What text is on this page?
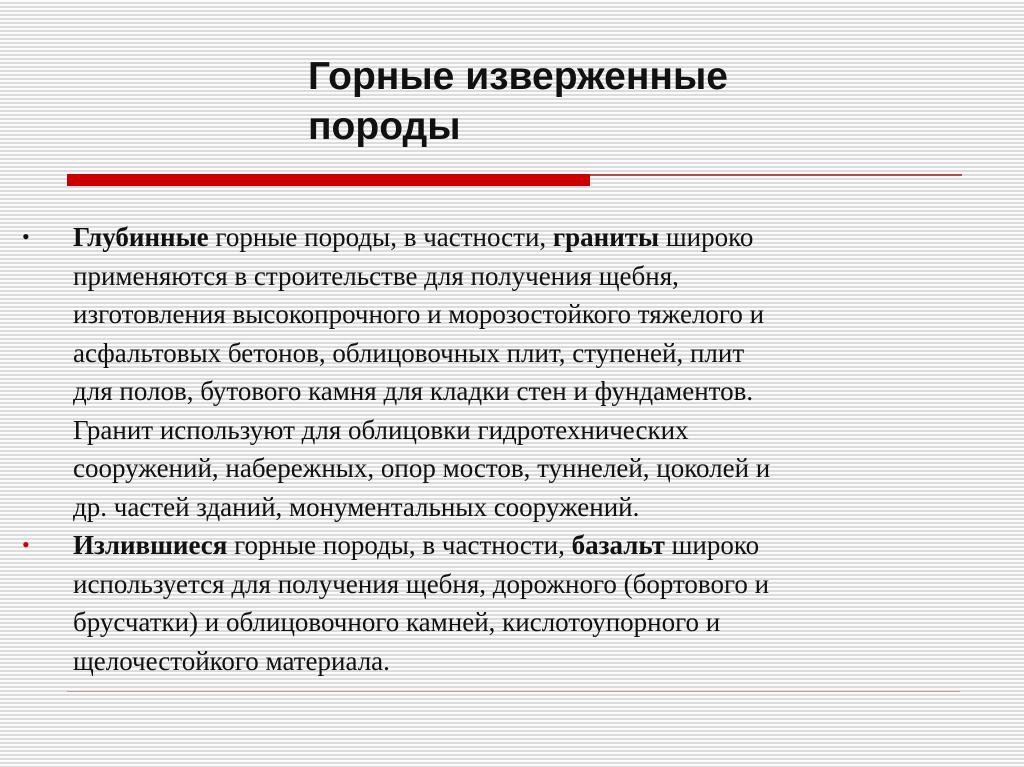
Горные изверженные
породы
• Глубинные горные породы, в частности, граниты широко
применяются в строительстве для получения щебня,
изготовления высокопрочного и морозостойкого тяжелого и
асфальтовых бетонов, облицовочных плит, ступеней, плит
для полов, бутового камня для кладки стен и фундаментов.
Гранит используют для облицовки гидротехнических
сооружений, набережных, опор мостов, туннелей, цоколей и
др. частей зданий, монументальных сооружений.
• Излившиеся горные породы, в частности, базальт широко
используется для получения щебня, дорожного (бортового и
брусчатки) и облицовочного камней, кислотоупорного и
щелочестойкого материала.
